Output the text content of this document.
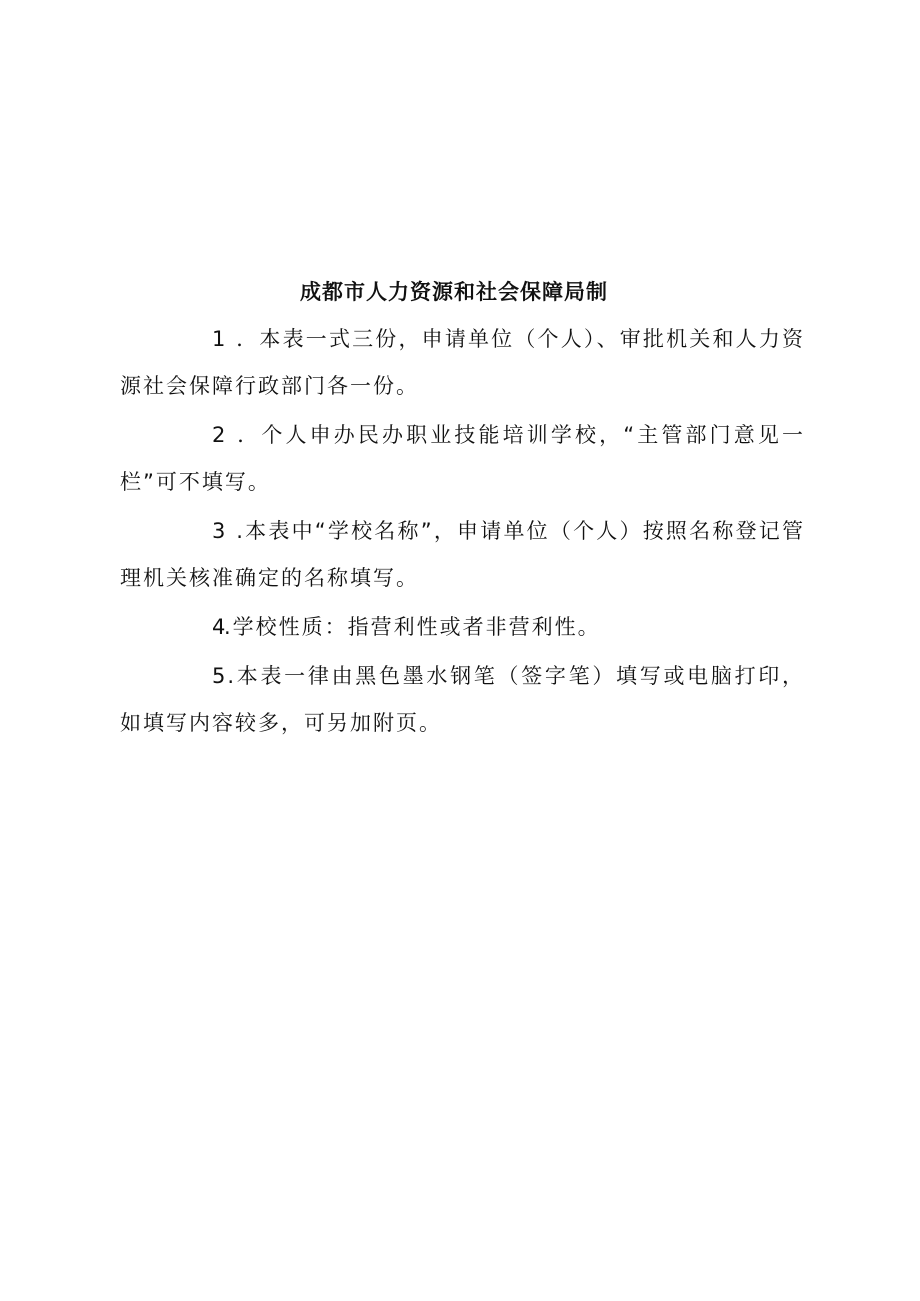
成都市人力资源和社会保障局制
1 ．本表一式三份，申请单位（个人）、审批机关和人力资源社会保障行政部门各一份。
2 ．个人申办民办职业技能培训学校，“主管部门意见一栏”可不填写。
3 .本表中“学校名称”，申请单位（个人）按照名称登记管理机关核准确定的名称填写。
4.学校性质：指营利性或者非营利性。
5.本表一律由黑色墨水钢笔（签字笔）填写或电脑打印，如填写内容较多，可另加附页。
